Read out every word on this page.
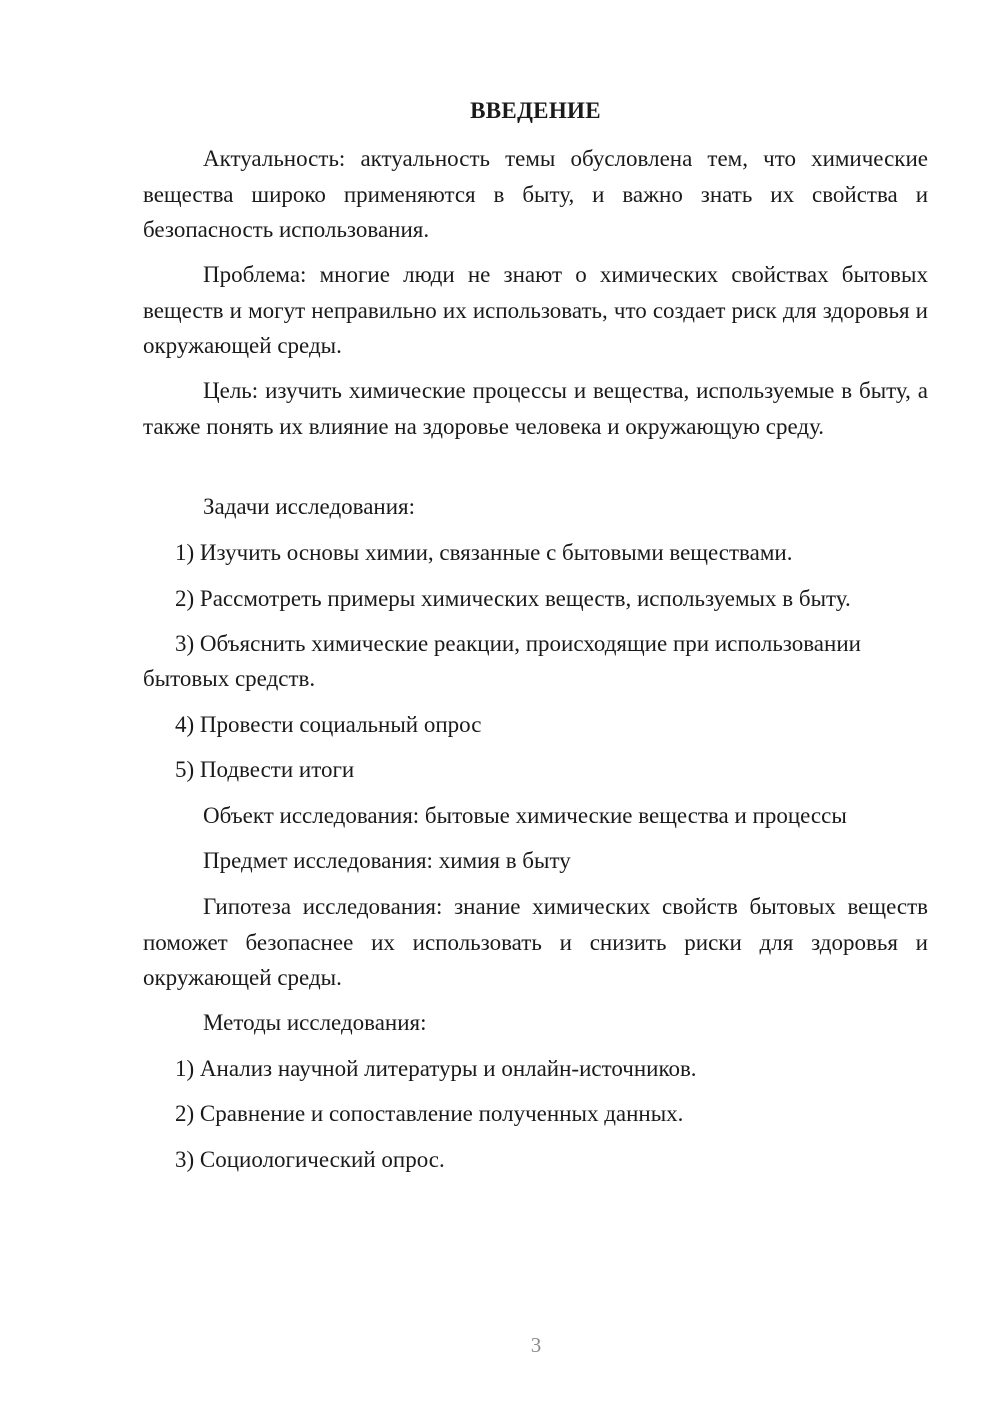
ВВЕДЕНИЕ

Актуальность: актуальность темы обусловлена тем, что химические вещества широко применяются в быту, и важно знать их свойства и безопасность использования.

Проблема: многие люди не знают о химических свойствах бытовых веществ и могут неправильно их использовать, что создает риск для здоровья и окружающей среды.

Цель: изучить химические процессы и вещества, используемые в быту, а также понять их влияние на здоровье человека и окружающую среду.

Задачи исследования:

1) Изучить основы химии, связанные с бытовыми веществами.

2) Рассмотреть примеры химических веществ, используемых в быту.

3) Объяснить химические реакции, происходящие при использовании

бытовых средств.

4) Провести социальный опрос

5) Подвести итоги

Объект исследования: бытовые химические вещества и процессы

Предмет исследования: химия в быту

Гипотеза исследования: знание химических свойств бытовых веществ поможет безопаснее их использовать и снизить риски для здоровья и окружающей среды.

Методы исследования:

1) Анализ научной литературы и онлайн-источников.

2) Сравнение и сопоставление полученных данных.

3) Социологический опрос.

3
